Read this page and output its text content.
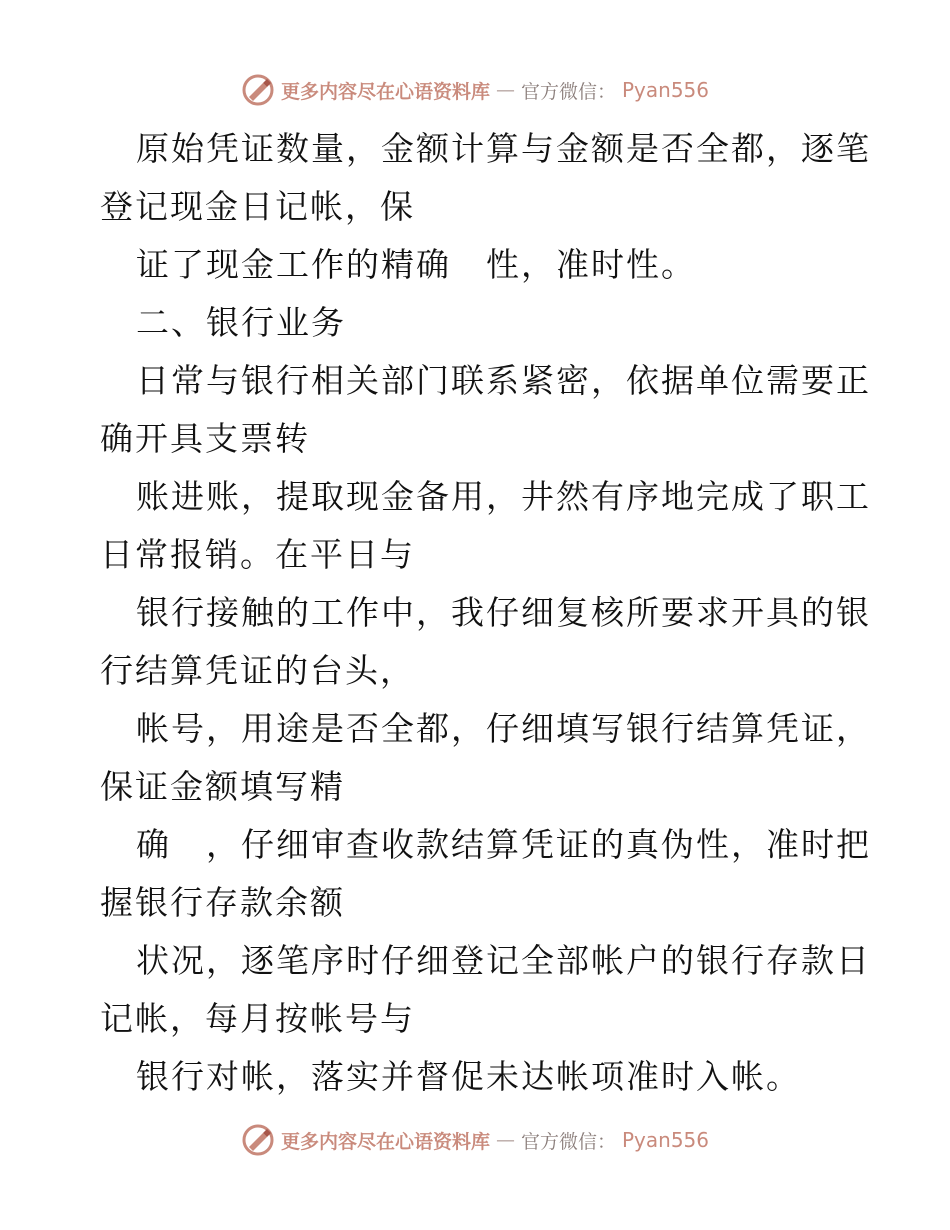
更多内容尽在心语资料库 — 官方微信： Pyan556
原始凭证数量，金额计算与金额是否全都，逐笔
登记现金日记帐，保
证了现金工作的精确　性，准时性。
二、银行业务
日常与银行相关部门联系紧密，依据单位需要正
确开具支票转
账进账，提取现金备用，井然有序地完成了职工
日常报销。在平日与
银行接触的工作中，我仔细复核所要求开具的银
行结算凭证的台头，
帐号，用途是否全都，仔细填写银行结算凭证，
保证金额填写精
确　，仔细审查收款结算凭证的真伪性，准时把
握银行存款余额
状况，逐笔序时仔细登记全部帐户的银行存款日
记帐，每月按帐号与
银行对帐，落实并督促未达帐项准时入帐。
更多内容尽在心语资料库 — 官方微信： Pyan556
